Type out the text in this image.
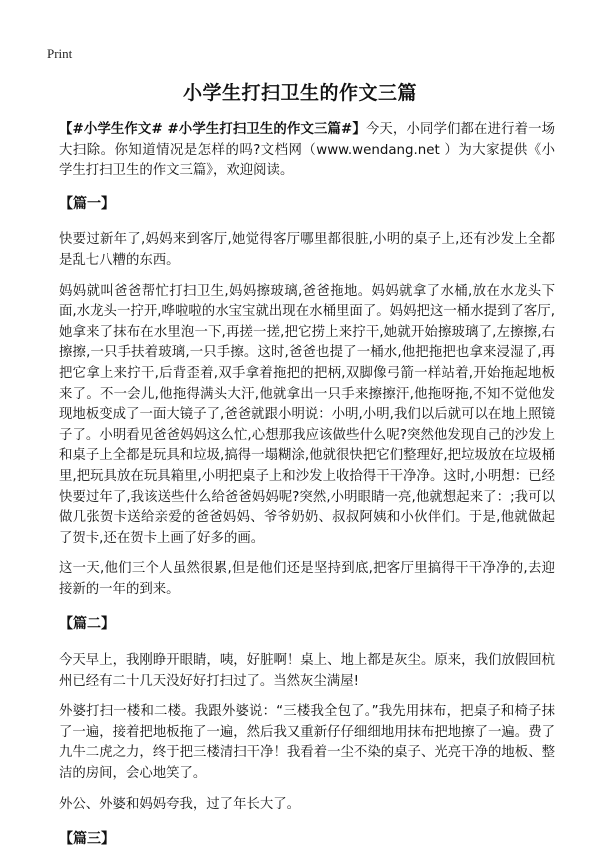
Print
小学生打扫卫生的作文三篇

【#小学生作文# #小学生打扫卫生的作文三篇#】今天，小同学们都在进行着一场大扫除。你知道情况是怎样的吗?文档网（www.wendang.net ）为大家提供《小学生打扫卫生的作文三篇》，欢迎阅读。

【篇一】

快要过新年了,妈妈来到客厅,她觉得客厅哪里都很脏,小明的桌子上,还有沙发上全都是乱七八糟的东西。

妈妈就叫爸爸帮忙打扫卫生,妈妈擦玻璃,爸爸拖地。妈妈就拿了水桶,放在水龙头下面,水龙头一拧开,哗啦啦的水宝宝就出现在水桶里面了。妈妈把这一桶水提到了客厅,她拿来了抹布在水里泡一下,再搓一搓,把它捞上来拧干,她就开始擦玻璃了,左擦擦,右擦擦,一只手扶着玻璃,一只手擦。这时,爸爸也提了一桶水,他把拖把也拿来浸湿了,再把它拿上来拧干,后背歪着,双手拿着拖把的把柄,双脚像弓箭一样站着,开始拖起地板来了。不一会儿,他拖得满头大汗,他就拿出一只手来擦擦汗,他拖呀拖,不知不觉他发现地板变成了一面大镜子了,爸爸就跟小明说：小明,小明,我们以后就可以在地上照镜子了。小明看见爸爸妈妈这么忙,心想那我应该做些什么呢?突然他发现自己的沙发上和桌子上全都是玩具和垃圾,搞得一塌糊涂,他就很快把它们整理好,把垃圾放在垃圾桶里,把玩具放在玩具箱里,小明把桌子上和沙发上收拾得干干净净。这时,小明想：已经快要过年了,我该送些什么给爸爸妈妈呢?突然,小明眼睛一亮,他就想起来了：;我可以做几张贺卡送给亲爱的爸爸妈妈、爷爷奶奶、叔叔阿姨和小伙伴们。于是,他就做起了贺卡,还在贺卡上画了好多的画。

这一天,他们三个人虽然很累,但是他们还是坚持到底,把客厅里搞得干干净净的,去迎接新的一年的到来。

【篇二】

今天早上，我刚睁开眼睛，咦，好脏啊！桌上、地上都是灰尘。原来，我们放假回杭州已经有二十几天没好好打扫过了。当然灰尘满屋!

外婆打扫一楼和二楼。我跟外婆说：“三楼我全包了。”我先用抹布，把桌子和椅子抹了一遍，接着把地板拖了一遍，然后我又重新仔仔细细地用抹布把地擦了一遍。费了九牛二虎之力，终于把三楼清扫干净！我看着一尘不染的桌子、光亮干净的地板、整洁的房间，会心地笑了。

外公、外婆和妈妈夸我，过了年长大了。

【篇三】
